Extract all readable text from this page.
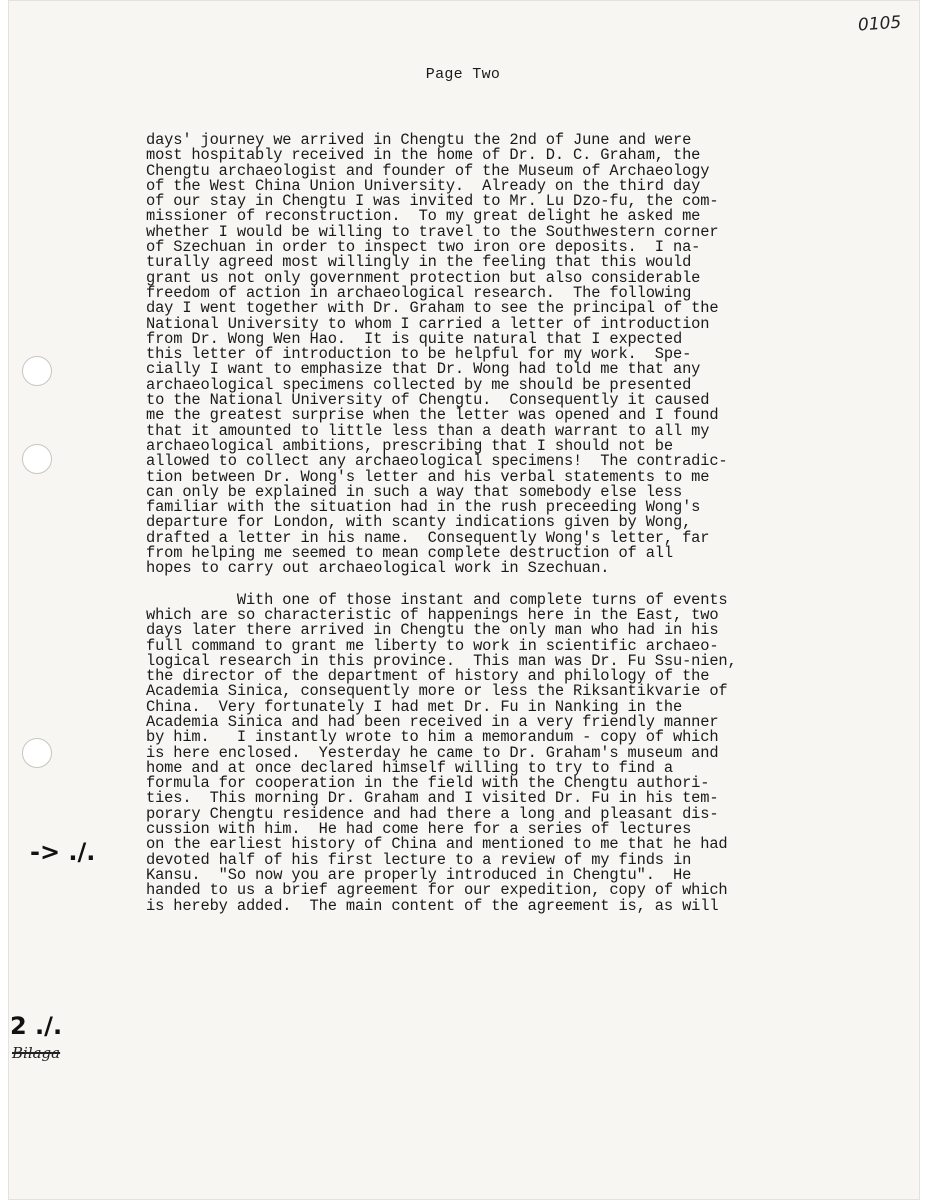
0105
Page Two
days' journey we arrived in Chengtu the 2nd of June and were
most hospitably received in the home of Dr. D. C. Graham, the
Chengtu archaeologist and founder of the Museum of Archaeology
of the West China Union University.  Already on the third day
of our stay in Chengtu I was invited to Mr. Lu Dzo-fu, the com-
missioner of reconstruction.  To my great delight he asked me
whether I would be willing to travel to the Southwestern corner
of Szechuan in order to inspect two iron ore deposits.  I na-
turally agreed most willingly in the feeling that this would
grant us not only government protection but also considerable
freedom of action in archaeological research.  The following
day I went together with Dr. Graham to see the principal of the
National University to whom I carried a letter of introduction
from Dr. Wong Wen Hao.  It is quite natural that I expected
this letter of introduction to be helpful for my work.  Spe-
cially I want to emphasize that Dr. Wong had told me that any
archaeological specimens collected by me should be presented
to the National University of Chengtu.  Consequently it caused
me the greatest surprise when the letter was opened and I found
that it amounted to little less than a death warrant to all my
archaeological ambitions, prescribing that I should not be
allowed to collect any archaeological specimens!  The contradic-
tion between Dr. Wong's letter and his verbal statements to me
can only be explained in such a way that somebody else less
familiar with the situation had in the rush preceeding Wong's
departure for London, with scanty indications given by Wong,
drafted a letter in his name.  Consequently Wong's letter, far
from helping me seemed to mean complete destruction of all
hopes to carry out archaeological work in Szechuan.
With one of those instant and complete turns of events
which are so characteristic of happenings here in the East, two
days later there arrived in Chengtu the only man who had in his
full command to grant me liberty to work in scientific archaeo-
logical research in this province.  This man was Dr. Fu Ssu-nien,
the director of the department of history and philology of the
Academia Sinica, consequently more or less the Riksantikvarie of
China.  Very fortunately I had met Dr. Fu in Nanking in the
Academia Sinica and had been received in a very friendly manner
by him.   I instantly wrote to him a memorandum - copy of which
is here enclosed.  Yesterday he came to Dr. Graham's museum and
home and at once declared himself willing to try to find a
formula for cooperation in the field with the Chengtu authori-
ties.  This morning Dr. Graham and I visited Dr. Fu in his tem-
porary Chengtu residence and had there a long and pleasant dis-
cussion with him.  He had come here for a series of lectures
on the earliest history of China and mentioned to me that he had
devoted half of his first lecture to a review of my finds in
Kansu.  "So now you are properly introduced in Chengtu".  He
handed to us a brief agreement for our expedition, copy of which
is hereby added.  The main content of the agreement is, as will
-> ./.
2 ./.
Bilaga
